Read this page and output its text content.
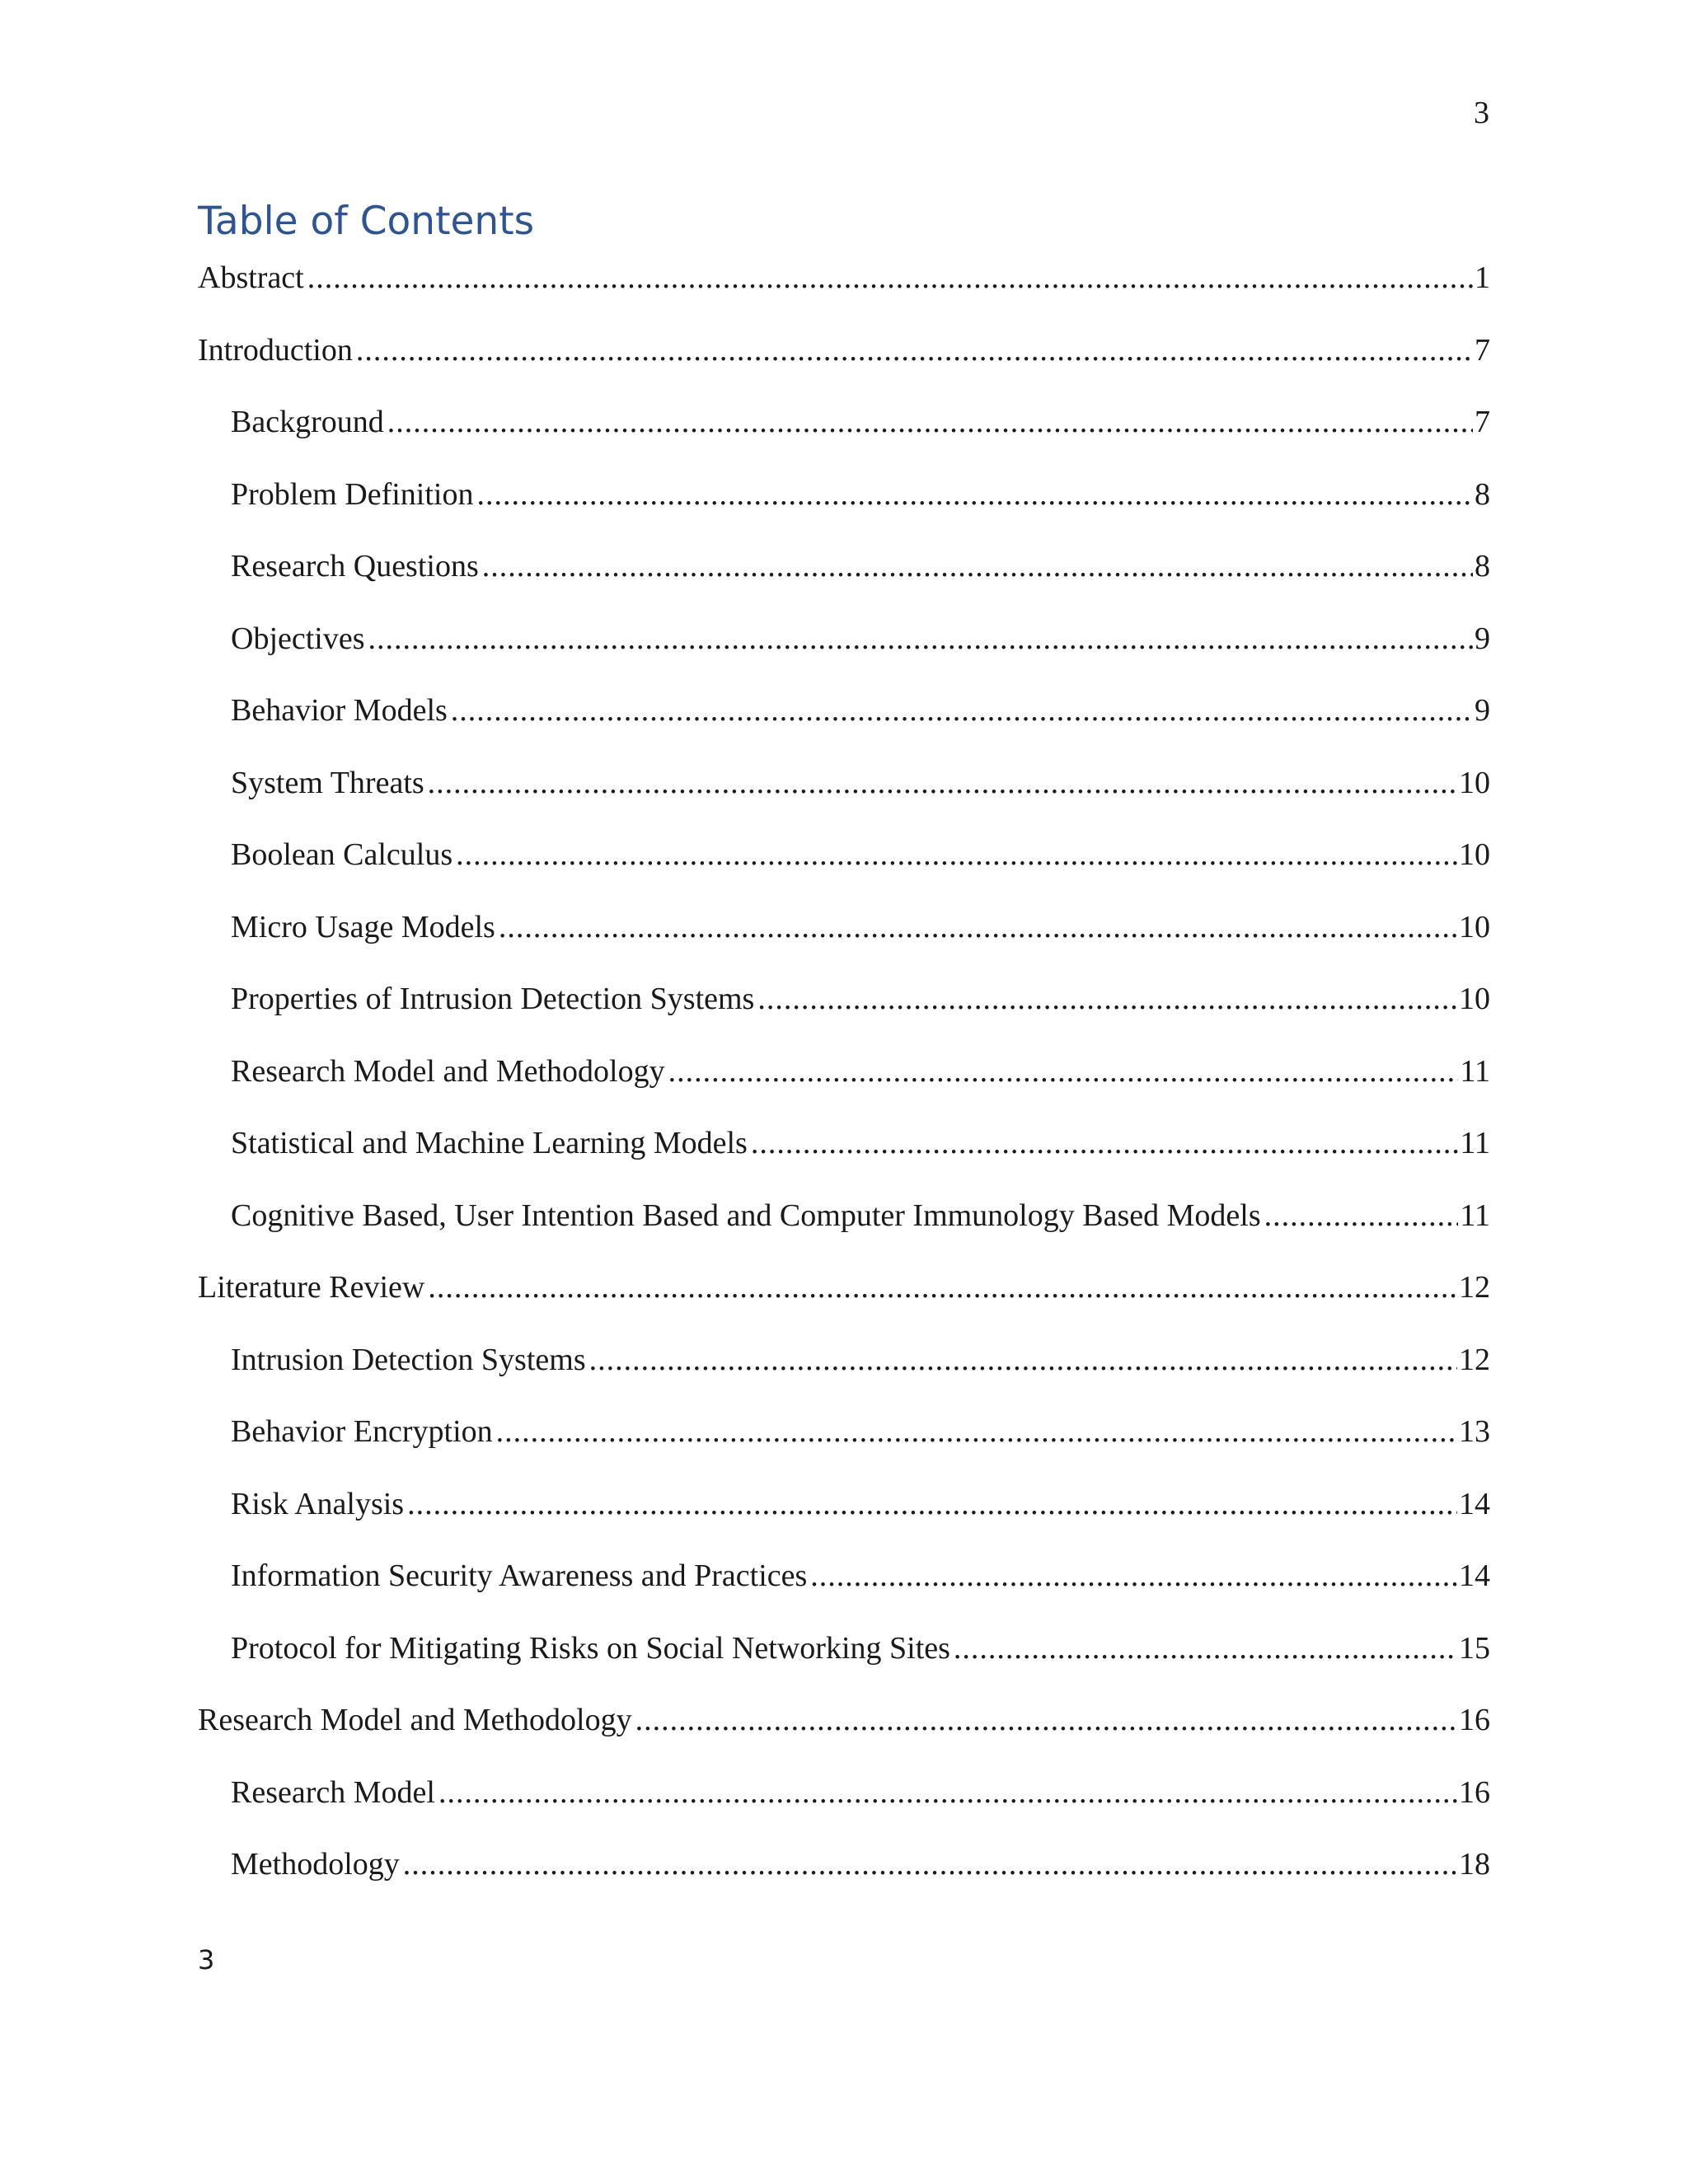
3
Table of Contents
Abstract .....	1
Introduction .....	7
Background .....	7
Problem Definition .....	8
Research Questions .....	8
Objectives .....	9
Behavior Models .....	9
System Threats .....	10
Boolean Calculus .....	10
Micro Usage Models .....	10
Properties of Intrusion Detection Systems .....	10
Research Model and Methodology .....	11
Statistical and Machine Learning Models .....	11
Cognitive Based, User Intention Based and Computer Immunology Based Models .....	11
Literature Review .....	12
Intrusion Detection Systems .....	12
Behavior Encryption .....	13
Risk Analysis .....	14
Information Security Awareness and Practices .....	14
Protocol for Mitigating Risks on Social Networking Sites .....	15
Research Model and Methodology .....	16
Research Model .....	16
Methodology .....	18
3
